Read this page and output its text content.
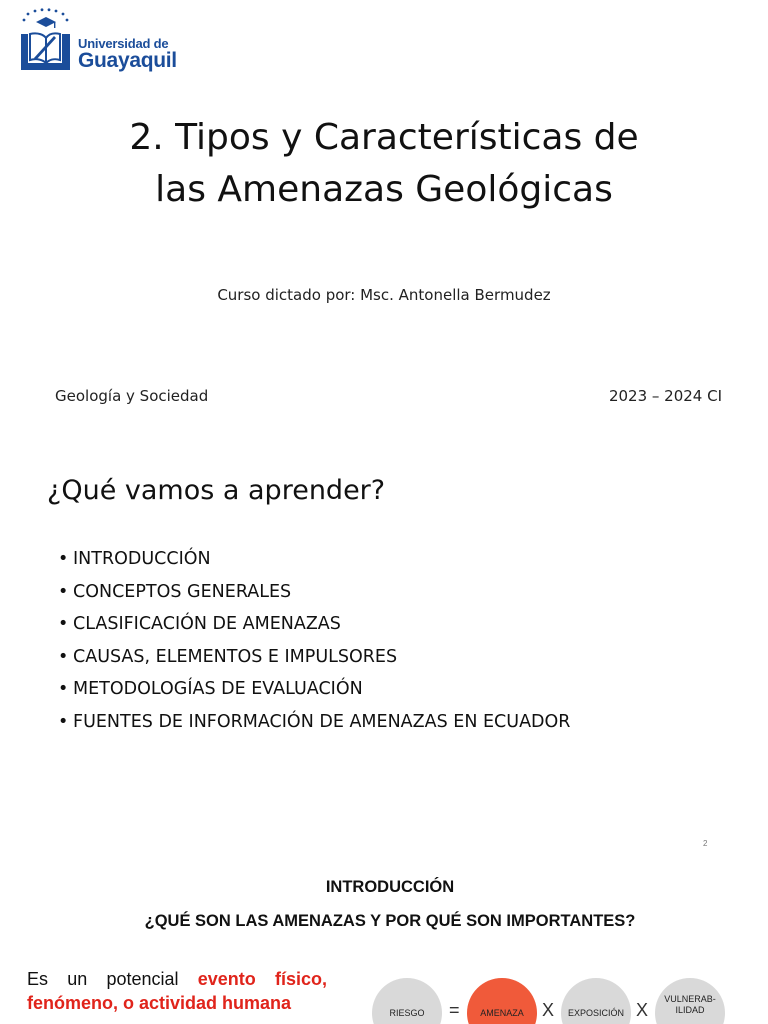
Universidad de
Guayaquil
2. Tipos y Características de
las Amenazas Geológicas
Curso dictado por: Msc. Antonella Bermudez
Geología y Sociedad	2023 – 2024 CI
¿Qué vamos a aprender?
• INTRODUCCIÓN
• CONCEPTOS GENERALES
• CLASIFICACIÓN DE AMENAZAS
• CAUSAS, ELEMENTOS E IMPULSORES
• METODOLOGÍAS DE EVALUACIÓN
• FUENTES DE INFORMACIÓN DE AMENAZAS EN ECUADOR
2
INTRODUCCIÓN
¿QUÉ SON LAS AMENAZAS Y POR QUÉ SON IMPORTANTES?
Es un potencial evento físico, fenómeno, o actividad humana	RIESGO	=	AMENAZA	X	EXPOSICIÓN X
VULNERAB-ILIDAD
